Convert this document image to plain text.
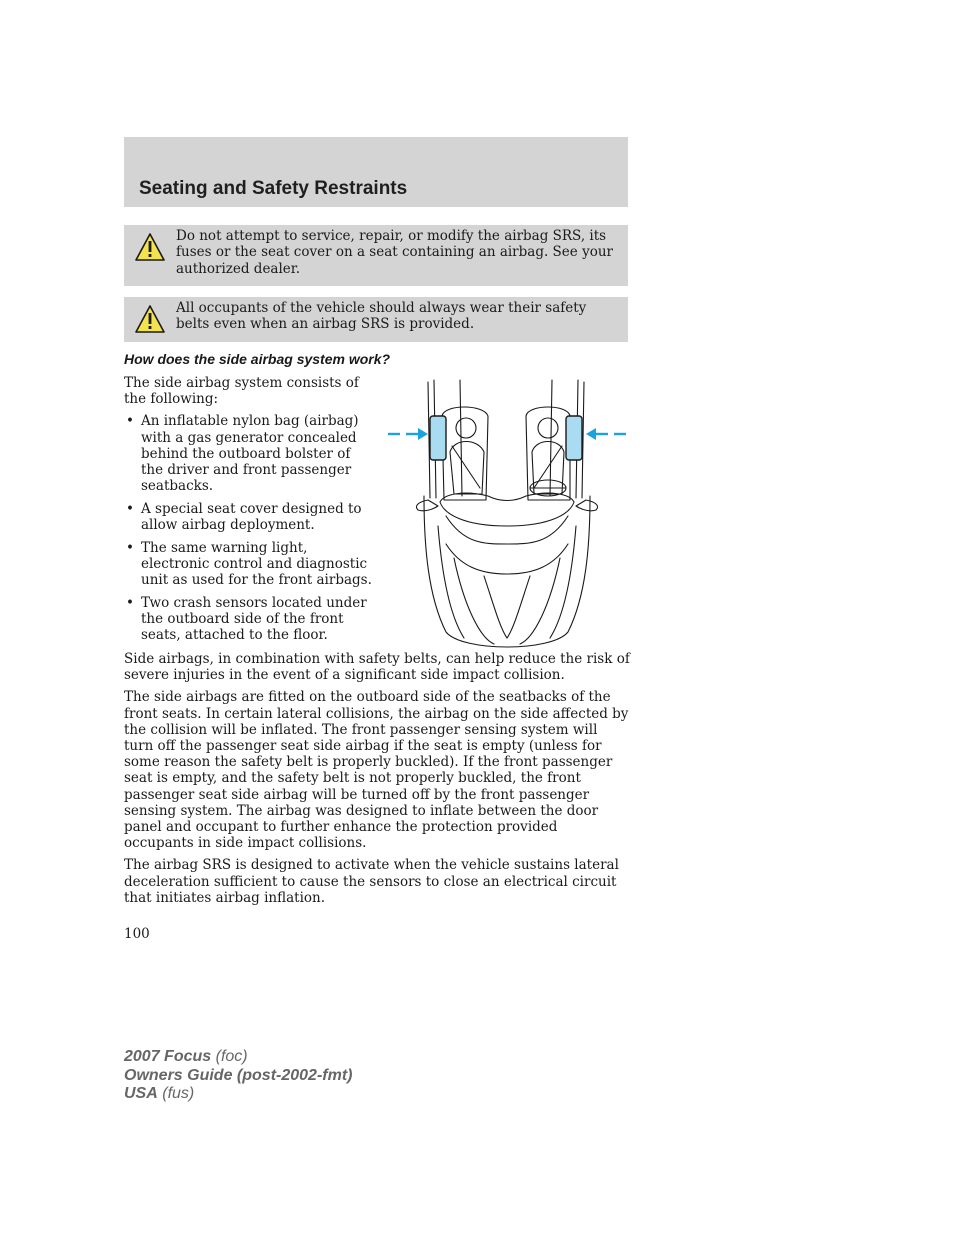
Seating and Safety Restraints

Do not attempt to service, repair, or modify the airbag SRS, its fuses or the seat cover on a seat containing an airbag. See your authorized dealer.

All occupants of the vehicle should always wear their safety belts even when an airbag SRS is provided.

How does the side airbag system work?

The side airbag system consists of the following:

• An inflatable nylon bag (airbag) with a gas generator concealed behind the outboard bolster of the driver and front passenger seatbacks.
• A special seat cover designed to allow airbag deployment.
• The same warning light, electronic control and diagnostic unit as used for the front airbags.
• Two crash sensors located under the outboard side of the front seats, attached to the floor.

Side airbags, in combination with safety belts, can help reduce the risk of severe injuries in the event of a significant side impact collision.

The side airbags are fitted on the outboard side of the seatbacks of the front seats. In certain lateral collisions, the airbag on the side affected by the collision will be inflated. The front passenger sensing system will turn off the passenger seat side airbag if the seat is empty (unless for some reason the safety belt is properly buckled). If the front passenger seat is empty, and the safety belt is not properly buckled, the front passenger seat side airbag will be turned off by the front passenger sensing system. The airbag was designed to inflate between the door panel and occupant to further enhance the protection provided occupants in side impact collisions.

The airbag SRS is designed to activate when the vehicle sustains lateral deceleration sufficient to cause the sensors to close an electrical circuit that initiates airbag inflation.

100
2007 Focus (foc)
Owners Guide (post-2002-fmt)
USA (fus)
